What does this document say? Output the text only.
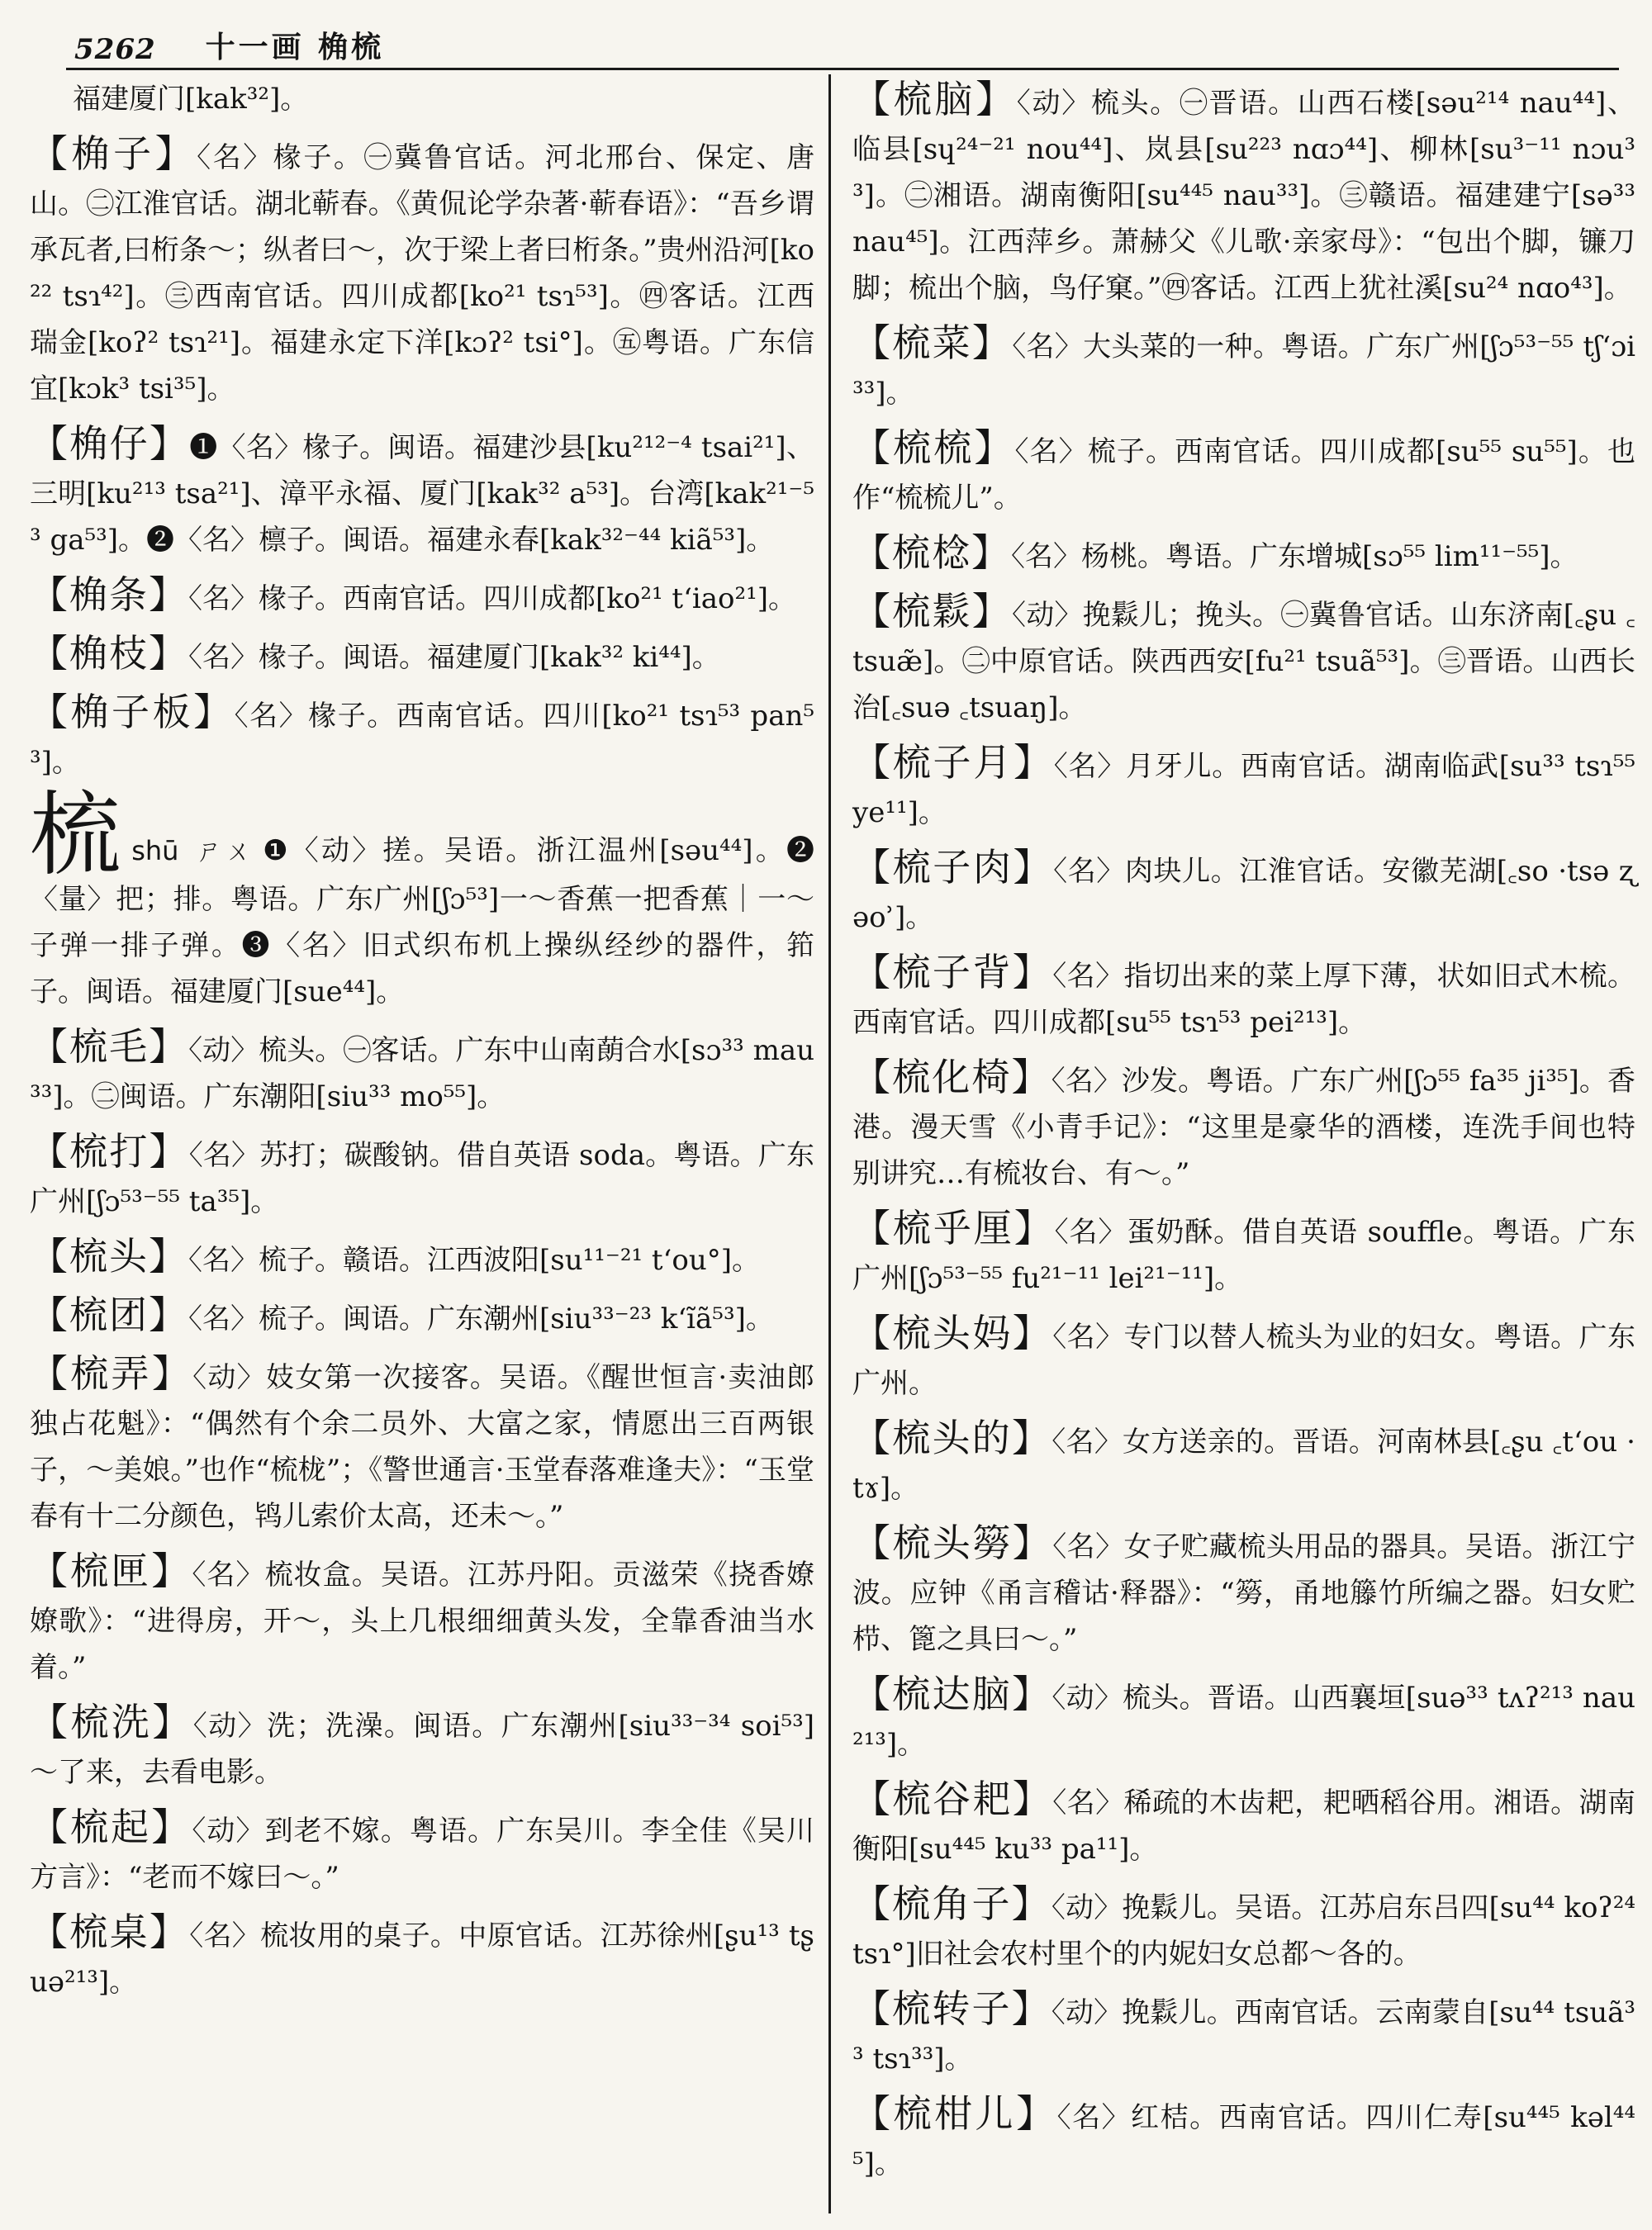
5262 十一画 桷梳

福建厦门[kak³²]。

【桷子】〈名〉椽子。㊀冀鲁官话。河北邢台、保定、唐山。㊁江淮官话。湖北蕲春。《黄侃论学杂著·蕲春语》：“吾乡谓承瓦者,曰桁条～；纵者曰～，次于梁上者曰桁条。”贵州沿河[ko²² tsɿ⁴²]。㊂西南官话。四川成都[ko²¹ tsɿ⁵³]。㊃客话。江西瑞金[koʔ² tsɿ²¹]。福建永定下洋[kɔʔ² tsi°]。㊄粤语。广东信宜[kɔk³ tsi³⁵]。

【桷仔】❶〈名〉椽子。闽语。福建沙县[ku²¹²⁻⁴ tsai²¹]、三明[ku²¹³ tsa²¹]、漳平永福、厦门[kak³² a⁵³]。台湾[kak²¹⁻⁵³ ga⁵³]。❷〈名〉檩子。闽语。福建永春[kak³²⁻⁴⁴ kiã⁵³]。

【桷条】〈名〉椽子。西南官话。四川成都[ko²¹ tʻiao²¹]。

【桷枝】〈名〉椽子。闽语。福建厦门[kak³² ki⁴⁴]。

【桷子板】〈名〉椽子。西南官话。四川[ko²¹ tsɿ⁵³ pan⁵³]。

梳shū ㄕㄨ ❶〈动〉搓。吴语。浙江温州[səu⁴⁴]。❷〈量〉把；排。粤语。广东广州[ʃɔ⁵³]一～香蕉一把香蕉｜一～子弹一排子弹。❸〈名〉旧式织布机上操纵经纱的器件，筘子。闽语。福建厦门[sue⁴⁴]。

【梳毛】〈动〉梳头。㊀客话。广东中山南蓢合水[sɔ³³ mau³³]。㊁闽语。广东潮阳[siu³³ mo⁵⁵]。

【梳打】〈名〉苏打；碳酸钠。借自英语 soda。粤语。广东广州[ʃɔ⁵³⁻⁵⁵ ta³⁵]。

【梳头】〈名〉梳子。赣语。江西波阳[su¹¹⁻²¹ tʻou°]。

【梳团】〈名〉梳子。闽语。广东潮州[siu³³⁻²³ kʻĩã⁵³]。

【梳弄】〈动〉妓女第一次接客。吴语。《醒世恒言·卖油郎独占花魁》：“偶然有个余二员外、大富之家，情愿出三百两银子，～美娘。”也作“梳栊”；《警世通言·玉堂春落难逢夫》：“玉堂春有十二分颜色，鸨儿索价太高，还未～。”

【梳匣】〈名〉梳妆盒。吴语。江苏丹阳。贡滋荣《挠香嫽嫽歌》：“进得房，开～，头上几根细细黄头发，全靠香油当水着。”

【梳洗】〈动〉洗；洗澡。闽语。广东潮州[siu³³⁻³⁴ soi⁵³]～了来，去看电影。

【梳起】〈动〉到老不嫁。粤语。广东吴川。李全佳《吴川方言》：“老而不嫁曰～。”

【梳桌】〈名〉梳妆用的桌子。中原官话。江苏徐州[ʂu¹³ tʂuə²¹³]。

【梳脑】〈动〉梳头。㊀晋语。山西石楼[səu²¹⁴ nau⁴⁴]、临县[sɥ²⁴⁻²¹ nou⁴⁴]、岚县[su²²³ nɑɔ⁴⁴]、柳林[su³⁻¹¹ nɔu³³]。㊁湘语。湖南衡阳[su⁴⁴⁵ nau³³]。㊂赣语。福建建宁[sə³³ nau⁴⁵]。江西萍乡。萧赫父《儿歌·亲家母》：“包出个脚，镰刀脚；梳出个脑，鸟仔窠。”㊃客话。江西上犹社溪[su²⁴ nɑo⁴³]。

【梳菜】〈名〉大头菜的一种。粤语。广东广州[ʃɔ⁵³⁻⁵⁵ tʃʻɔi³³]。

【梳梳】〈名〉梳子。西南官话。四川成都[su⁵⁵ su⁵⁵]。也作“梳梳儿”。

【梳棯】〈名〉杨桃。粤语。广东增城[sɔ⁵⁵ lim¹¹⁻⁵⁵]。

【梳鬏】〈动〉挽鬏儿；挽头。㊀冀鲁官话。山东济南[꜀ʂu ꜀tsuæ̃]。㊁中原官话。陕西西安[fu²¹ tsuã⁵³]。㊂晋语。山西长治[꜀suə ꜀tsuaŋ]。

【梳子月】〈名〉月牙儿。西南官话。湖南临武[su³³ tsɿ⁵⁵ ye¹¹]。

【梳子肉】〈名〉肉块儿。江淮官话。安徽芜湖[꜀so ·tsə ʐəoʾ]。

【梳子背】〈名〉指切出来的菜上厚下薄，状如旧式木梳。西南官话。四川成都[su⁵⁵ tsɿ⁵³ pei²¹³]。

【梳化椅】〈名〉沙发。粤语。广东广州[ʃɔ⁵⁵ fa³⁵ ji³⁵]。香港。漫天雪《小青手记》：“这里是豪华的酒楼，连洗手间也特别讲究…有梳妆台、有～。”

【梳乎厘】〈名〉蛋奶酥。借自英语 souffle。粤语。广东广州[ʃɔ⁵³⁻⁵⁵ fu²¹⁻¹¹ lei²¹⁻¹¹]。

【梳头妈】〈名〉专门以替人梳头为业的妇女。粤语。广东广州。

【梳头的】〈名〉女方送亲的。晋语。河南林县[꜀ʂu ꜀tʻou ·tɤ]。

【梳头簩】〈名〉女子贮藏梳头用品的器具。吴语。浙江宁波。应钟《甬言稽诂·释器》：“簩，甬地籐竹所编之器。妇女贮栉、篦之具曰～。”

【梳达脑】〈动〉梳头。晋语。山西襄垣[suə³³ tʌʔ²¹³ nau²¹³]。

【梳谷耙】〈名〉稀疏的木齿耙，耙晒稻谷用。湘语。湖南衡阳[su⁴⁴⁵ ku³³ pa¹¹]。

【梳角子】〈动〉挽鬏儿。吴语。江苏启东吕四[su⁴⁴ koʔ²⁴ tsɿ°]旧社会农村里个的内妮妇女总都～各的。

【梳转子】〈动〉挽鬏儿。西南官话。云南蒙自[su⁴⁴ tsuã³³ tsɿ³³]。

【梳柑儿】〈名〉红桔。西南官话。四川仁寿[su⁴⁴⁵ kəl⁴⁴⁵]。
